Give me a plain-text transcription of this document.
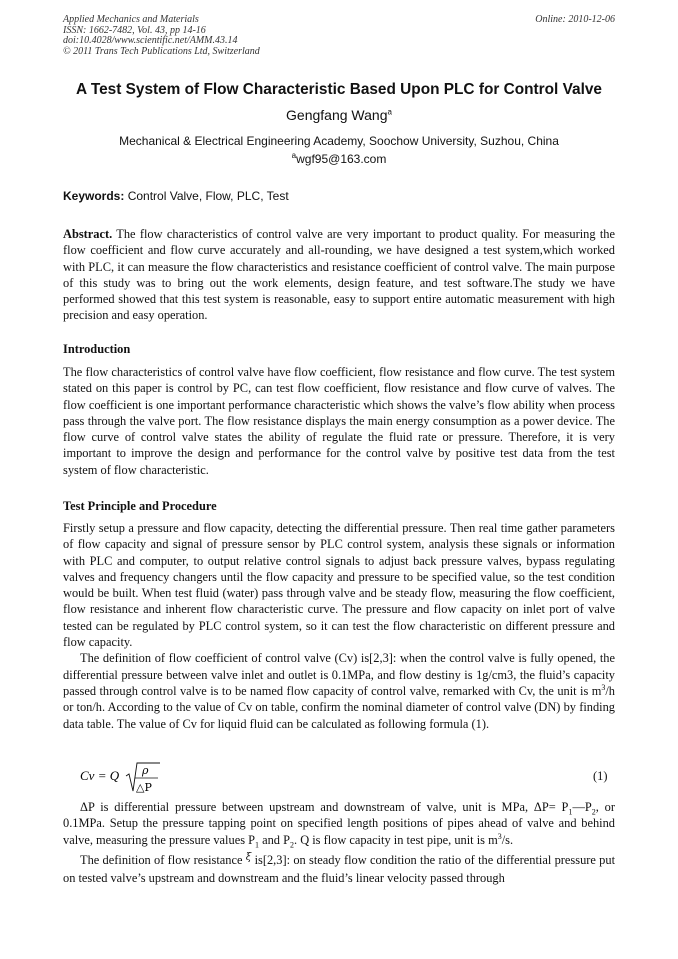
Applied Mechanics and Materials
ISSN: 1662-7482, Vol. 43, pp 14-16
doi:10.4028/www.scientific.net/AMM.43.14
© 2011 Trans Tech Publications Ltd, Switzerland
Online: 2010-12-06
A Test System of Flow Characteristic Based Upon PLC for Control Valve
Gengfang Wang$^a$
Mechanical & Electrical Engineering Academy, Soochow University, Suzhou, China
$^a$wgf95@163.com
Keywords: Control Valve, Flow, PLC, Test

Abstract. The flow characteristics of control valve are very important to product quality. For measuring the flow coefficient and flow curve accurately and all-rounding, we have designed a test system,which worked with PLC, it can measure the flow characteristics and resistance coefficient of control valve. The main purpose of this study was to bring out the work elements, design feature, and test software.The study we have performed showed that this test system is reasonable, easy to support entire automatic measurement with high precision and easy operation.

Introduction

The flow characteristics of control valve have flow coefficient, flow resistance and flow curve. The test system stated on this paper is control by PC, can test flow coefficient, flow resistance and flow curve of valves. The flow coefficient is one important performance characteristic which shows the valve’s flow ability when process pass through the valve port. The flow resistance displays the main energy consumption as a power device. The flow curve of control valve states the ability of regulate the fluid rate or pressure. Therefore, it is very important to improve the design and performance for the control valve by positive test data from the test system of flow characteristic.

Test Principle and Procedure

Firstly setup a pressure and flow capacity, detecting the differential pressure. Then real time gather parameters of flow capacity and signal of pressure sensor by PLC control system, analysis these signals or information with PLC and computer, to output relative control signals to adjust back pressure valves, bypass regulating valves and frequency changers until the flow capacity and pressure to be specified value, so the test condition would be built. When test fluid (water) pass through valve and be steady flow, measuring the flow coefficient, flow resistance and inherent flow characteristic curve. The pressure and flow capacity on inlet port of valve tested can be regulated by PLC control system, so it can test the flow characteristic on different pressure and flow capacity.

The definition of flow coefficient of control valve (Cv) is[2,3]: when the control valve is fully opened, the differential pressure between valve inlet and outlet is 0.1MPa, and flow destiny is 1g/cm3, the fluid’s capacity passed through control valve is to be named flow capacity of control valve, remarked with Cv, the unit is $m^3/h$ or ton/h. According to the value of Cv on table, confirm the nominal diameter of control valve (DN) by finding data table. The value of Cv for liquid fluid can be calculated as following formula (1).

Cv = Q ρ
△P
(1)

ΔP is differential pressure between upstream and downstream of valve, unit is MPa, $\Delta P= P_1—P_2$, or 0.1MPa. Setup the pressure tapping point on specified length positions of pipes ahead of valve and behind valve, measuring the pressure values $P_1$ and $P_2$. Q is flow capacity in test pipe, unit is $m^3/s$.

The definition of flow resistance $^\xi$ is[2,3]: on steady flow condition the ratio of the differential pressure put on tested valve’s upstream and downstream and the fluid’s linear velocity passed through
